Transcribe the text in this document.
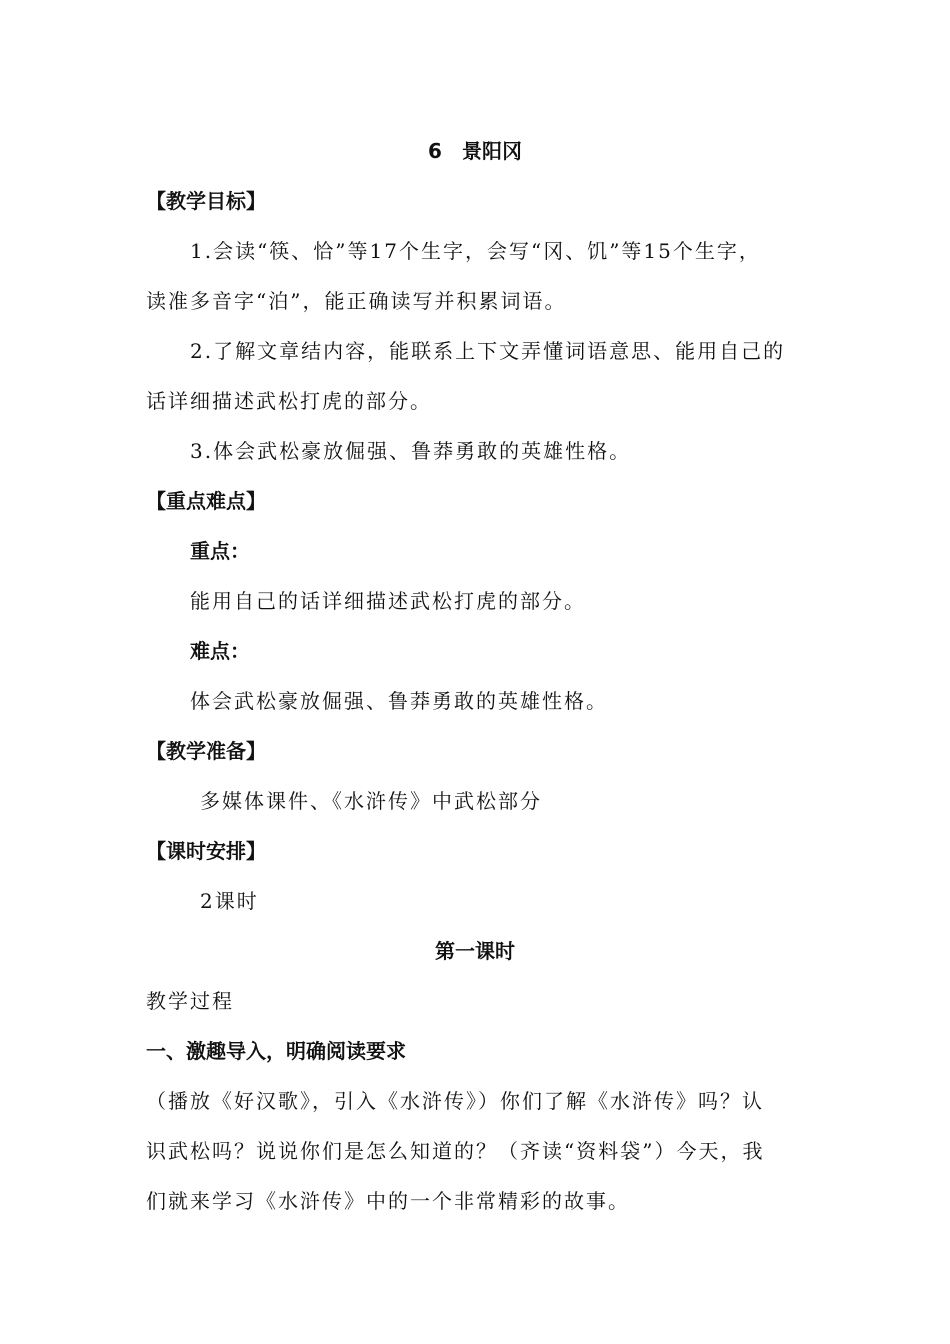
6　景阳冈
【教学目标】
1.会读“筷、恰”等17个生字，会写“冈、饥”等15个生字，
读准多音字“泊”，能正确读写并积累词语。
2.了解文章结内容，能联系上下文弄懂词语意思、能用自己的
话详细描述武松打虎的部分。
3.体会武松豪放倔强、鲁莽勇敢的英雄性格。
【重点难点】
重点：
能用自己的话详细描述武松打虎的部分。
难点：
体会武松豪放倔强、鲁莽勇敢的英雄性格。
【教学准备】
多媒体课件、《水浒传》中武松部分
【课时安排】
2课时
第一课时
教学过程
一、激趣导入，明确阅读要求
（播放《好汉歌》，引入《水浒传》）你们了解《水浒传》吗？认
识武松吗？说说你们是怎么知道的？（齐读“资料袋”）今天，我
们就来学习《水浒传》中的一个非常精彩的故事。
